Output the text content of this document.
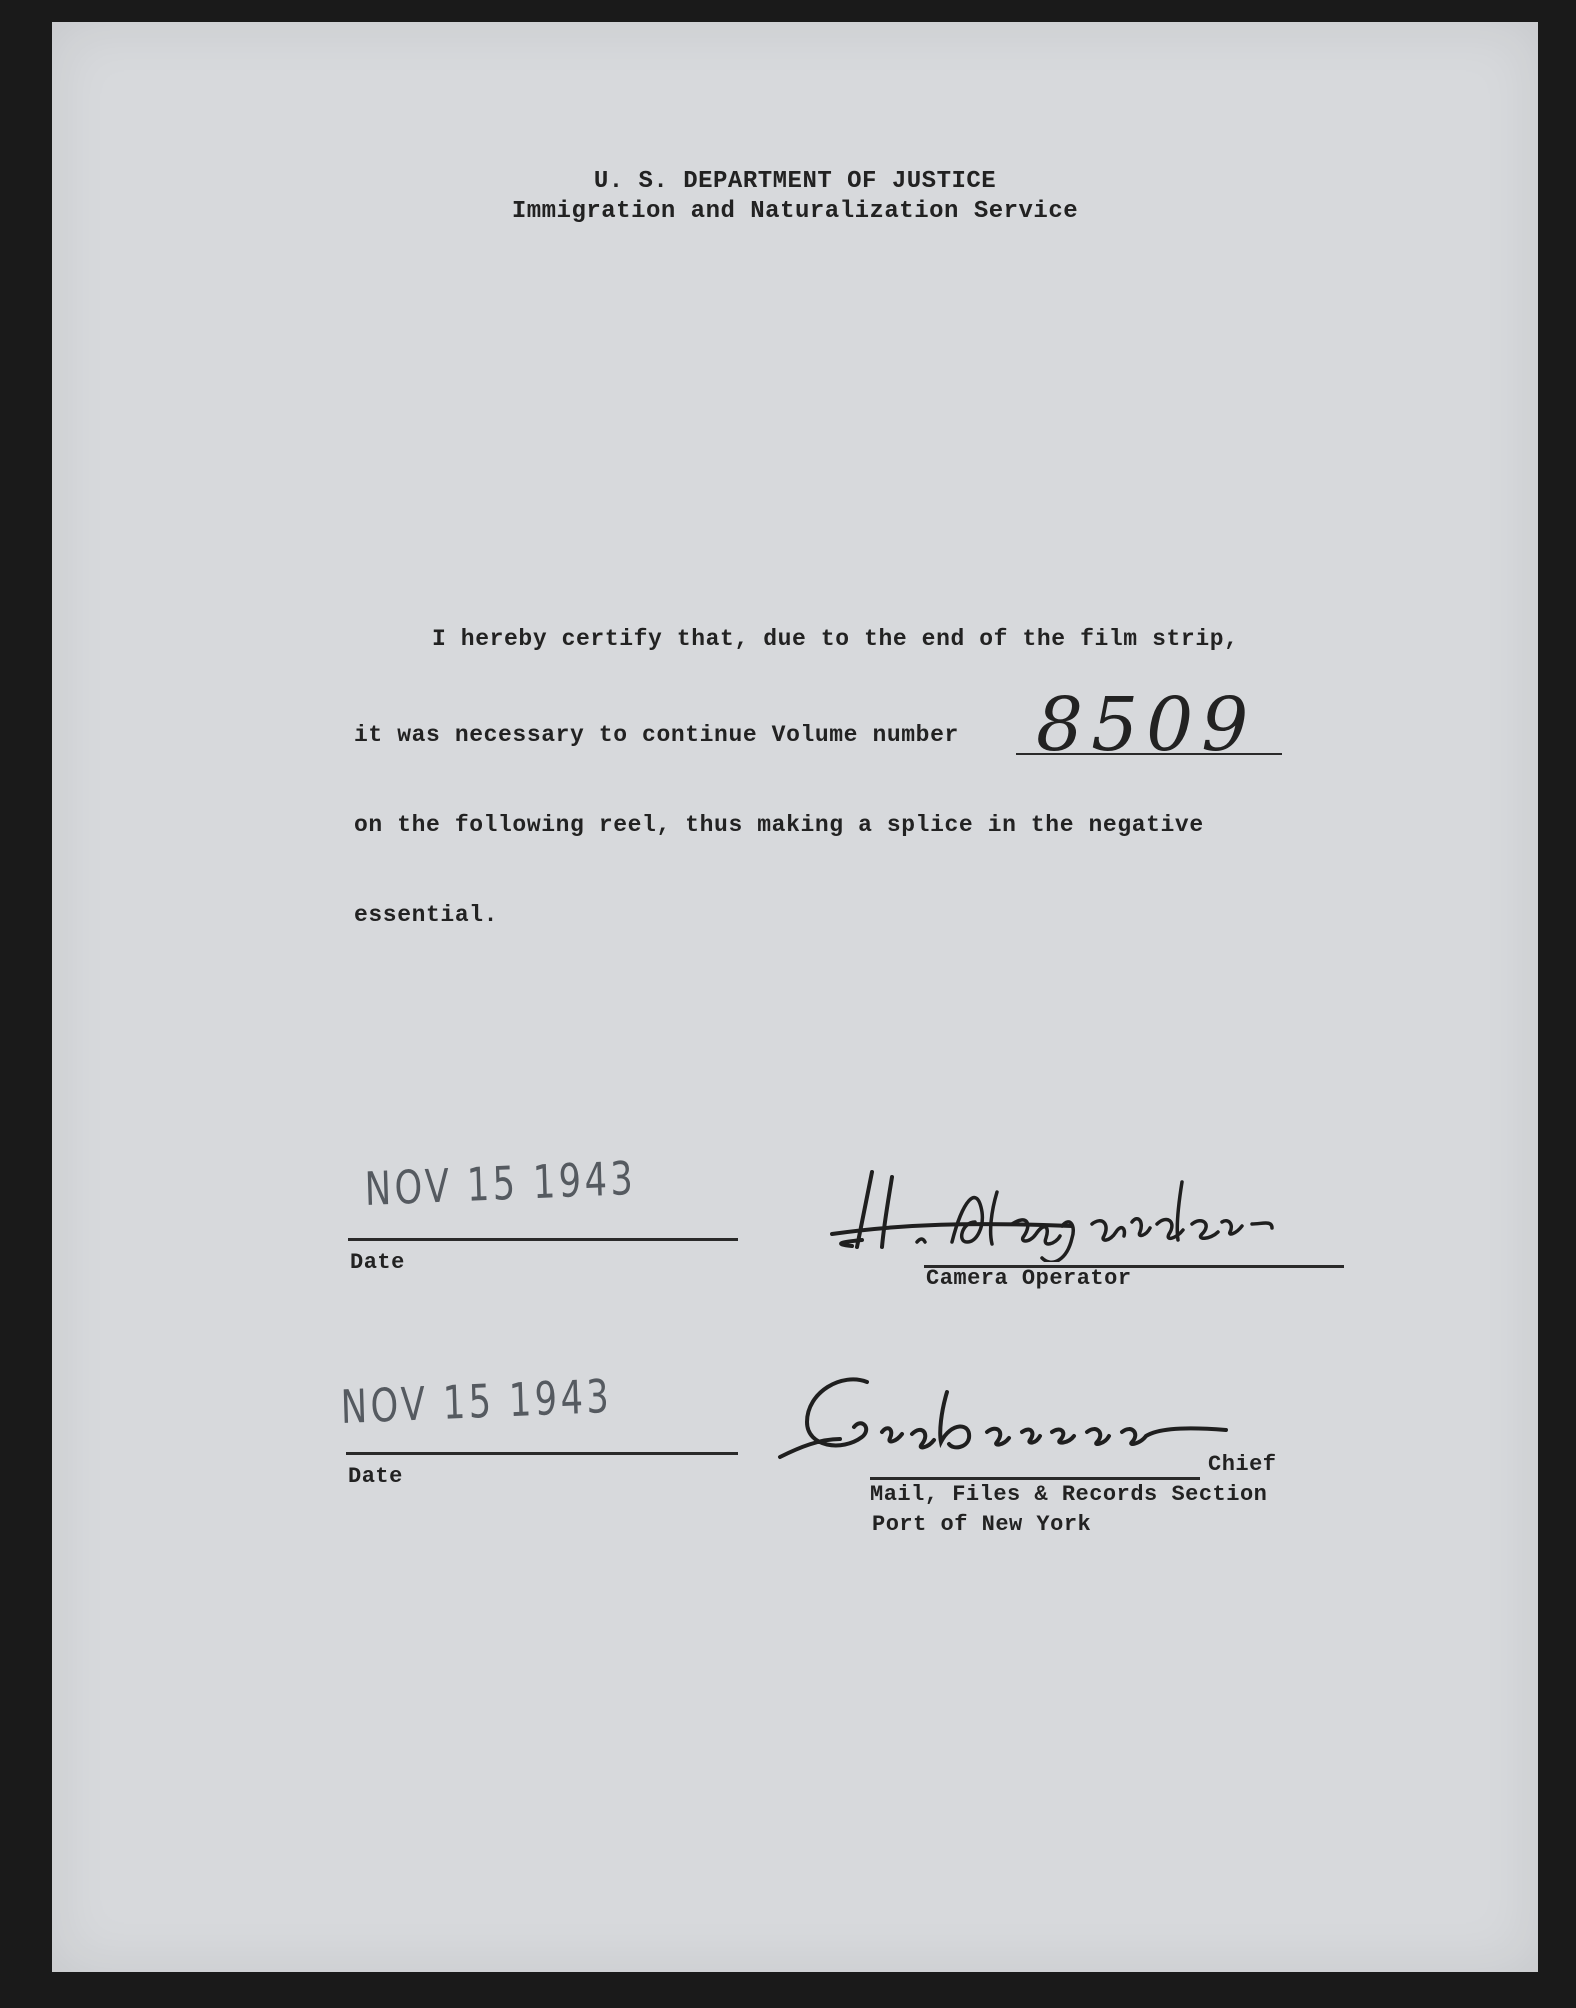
U. S. DEPARTMENT OF JUSTICE
Immigration and Naturalization Service
I hereby certify that, due to the end of the film strip,
it was necessary to continue Volume number 8509
on the following reel, thus making a splice in the negative
essential.
NOV 15 1943
Date
Camera Operator
NOV 15 1943
Date	Chief
Mail, Files & Records Section
Port of New York
